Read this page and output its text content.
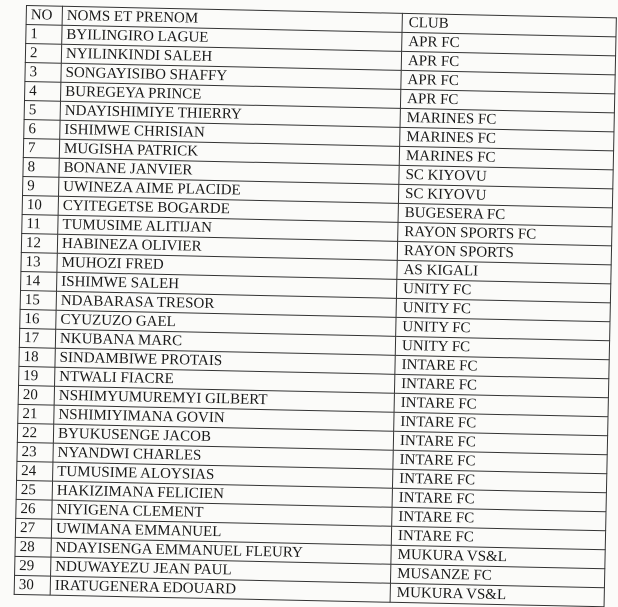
NO	NOMS ET PRENOM	CLUB
1	BYILINGIRO LAGUE	APR FC
2	NYILINKINDI SALEH	APR FC
3	SONGAYISIBO SHAFFY	APR FC
4	BUREGEYA PRINCE	APR FC
5	NDAYISHIMIYE THIERRY	MARINES FC
6	ISHIMWE CHRISIAN	MARINES FC
7	MUGISHA PATRICK	MARINES FC
8	BONANE JANVIER	SC KIYOVU
9	UWINEZA AIME PLACIDE	SC KIYOVU
10	CYITEGETSE BOGARDE	BUGESERA FC
11	TUMUSIME ALITIJAN	RAYON SPORTS FC
12	HABINEZA OLIVIER	RAYON SPORTS
13	MUHOZI FRED	AS KIGALI
14	ISHIMWE SALEH	UNITY FC
15	NDABARASA TRESOR	UNITY FC
16	CYUZUZO GAEL	UNITY FC
17	NKUBANA MARC	UNITY FC
18	SINDAMBIWE PROTAIS	INTARE FC
19	NTWALI FIACRE	INTARE FC
20	NSHIMYUMUREMYI GILBERT	INTARE FC
21	NSHIMIYIMANA GOVIN	INTARE FC
22	BYUKUSENGE JACOB	INTARE FC
23	NYANDWI CHARLES	INTARE FC
24	TUMUSIME ALOYSIAS	INTARE FC
25	HAKIZIMANA FELICIEN	INTARE FC
26	NIYIGENA CLEMENT	INTARE FC
27	UWIMANA EMMANUEL	INTARE FC
28	NDAYISENGA EMMANUEL FLEURY	MUKURA VS&L
29	NDUWAYEZU JEAN PAUL	MUSANZE FC
30	IRATUGENERA EDOUARD	MUKURA VS&L
